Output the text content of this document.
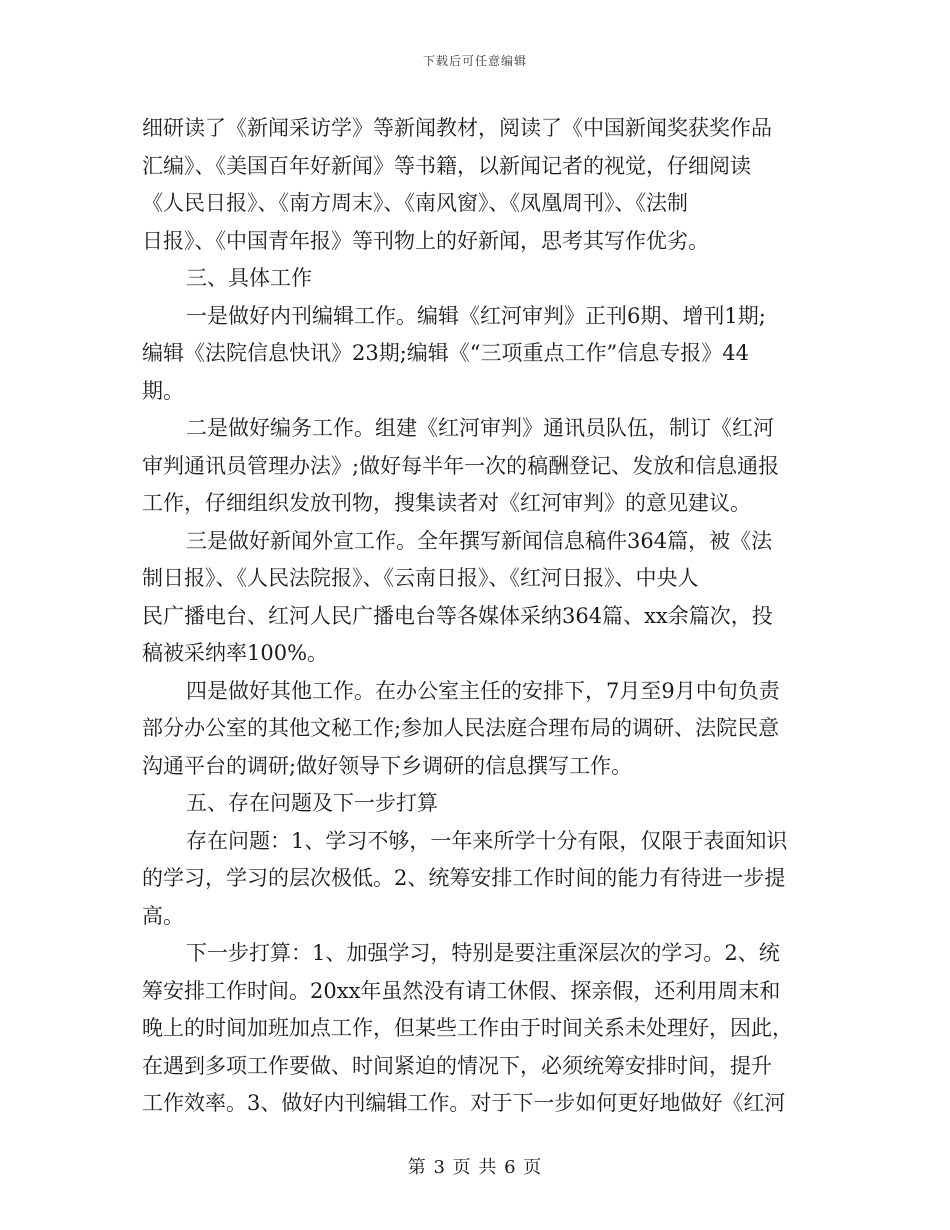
下载后可任意编辑
细研读了《新闻采访学》等新闻教材，阅读了《中国新闻奖获奖作品
汇编》、《美国百年好新闻》等书籍，以新闻记者的视觉，仔细阅读
《人民日报》、《南方周末》、《南风窗》、《凤凰周刊》、《法制
日报》、《中国青年报》等刊物上的好新闻，思考其写作优劣。
三、具体工作
一是做好内刊编辑工作。编辑《红河审判》正刊6期、增刊1期;
编辑《法院信息快讯》23期;编辑《“三项重点工作”信息专报》44
期。
二是做好编务工作。组建《红河审判》通讯员队伍，制订《红河
审判通讯员管理办法》;做好每半年一次的稿酬登记、发放和信息通报
工作，仔细组织发放刊物，搜集读者对《红河审判》的意见建议。
三是做好新闻外宣工作。全年撰写新闻信息稿件364篇，被《法
制日报》、《人民法院报》、《云南日报》、《红河日报》、中央人
民广播电台、红河人民广播电台等各媒体采纳364篇、xx余篇次，投
稿被采纳率100%。
四是做好其他工作。在办公室主任的安排下，7月至9月中旬负责
部分办公室的其他文秘工作;参加人民法庭合理布局的调研、法院民意
沟通平台的调研;做好领导下乡调研的信息撰写工作。
五、存在问题及下一步打算
存在问题：1、学习不够，一年来所学十分有限，仅限于表面知识
的学习，学习的层次极低。2、统筹安排工作时间的能力有待进一步提
高。
下一步打算：1、加强学习，特别是要注重深层次的学习。2、统
筹安排工作时间。20xx年虽然没有请工休假、探亲假，还利用周末和
晚上的时间加班加点工作，但某些工作由于时间关系未处理好，因此，
在遇到多项工作要做、时间紧迫的情况下，必须统筹安排时间，提升
工作效率。3、做好内刊编辑工作。对于下一步如何更好地做好《红河
第 3 页 共 6 页
